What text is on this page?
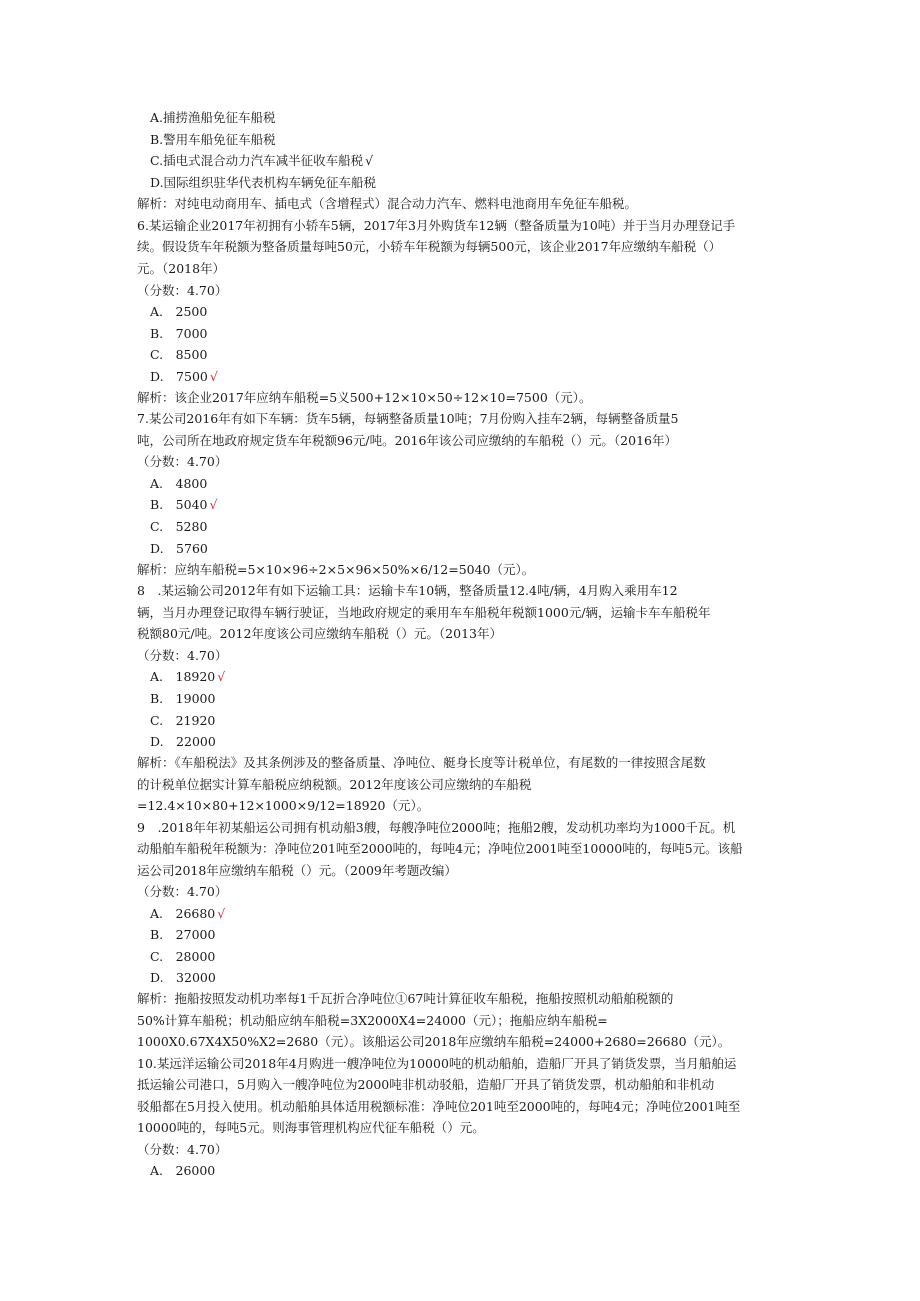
A.捕捞渔船免征车船税
B.警用车船免征车船税
C.插电式混合动力汽车减半征收车船税 √
D.国际组织驻华代表机构车辆免征车船税
解析：对纯电动商用车、插电式（含增程式）混合动力汽车、燃料电池商用车免征车船税。
6.某运输企业2017年初拥有小轿车5辆，2017年3月外购货车12辆（整备质量为10吨）并于当月办理登记手
续。假设货车年税额为整备质量每吨50元，小轿车年税额为每辆500元，该企业2017年应缴纳车船税（）
元。（2018年）
（分数：4.70）
A.　2500
B.　7000
C.　8500
D.　7500 √
解析：该企业2017年应纳车船税=5义500+12×10×50÷12×10=7500（元）。
7.某公司2016年有如下车辆：货车5辆，每辆整备质量10吨；7月份购入挂车2辆，每辆整备质量5
吨，公司所在地政府规定货车年税额96元/吨。2016年该公司应缴纳的车船税（）元。（2016年）
（分数：4.70）
A.　4800
B.　5040 √
C.　5280
D.　5760
解析：应纳车船税=5×10×96÷2×5×96×50%×6/12=5040（元）。
8　.某运输公司2012年有如下运输工具：运输卡车10辆，整备质量12.4吨/辆，4月购入乘用车12
辆，当月办理登记取得车辆行驶证，当地政府规定的乘用车车船税年税额1000元/辆，运输卡车车船税年
税额80元/吨。2012年度该公司应缴纳车船税（）元。（2013年）
（分数：4.70）
A.　18920 √
B.　19000
C.　21920
D.　22000
解析：《车船税法》及其条例涉及的整备质量、净吨位、艇身长度等计税单位，有尾数的一律按照含尾数
的计税单位据实计算车船税应纳税额。2012年度该公司应缴纳的车船税
=12.4×10×80+12×1000×9/12=18920（元）。
9　.2018年年初某船运公司拥有机动船3艘，每艘净吨位2000吨；拖船2艘，发动机功率均为1000千瓦。机
动船舶车船税年税额为：净吨位201吨至2000吨的，每吨4元；净吨位2001吨至10000吨的，每吨5元。该船
运公司2018年应缴纳车船税（）元。（2009年考题改编）
（分数：4.70）
A.　26680 √
B.　27000
C.　28000
D.　32000
解析：拖船按照发动机功率每1千瓦折合净吨位①67吨计算征收车船税，拖船按照机动船舶税额的
50%计算车船税；机动船应纳车船税=3X2000X4=24000（元）；拖船应纳车船税=
1000X0.67X4X50%X2=2680（元）。该船运公司2018年应缴纳车船税=24000+2680=26680（元）。
10.某远洋运输公司2018年4月购进一艘净吨位为10000吨的机动船舶，造船厂开具了销货发票，当月船舶运
抵运输公司港口，5月购入一艘净吨位为2000吨非机动驳船，造船厂开具了销货发票，机动船舶和非机动
驳船都在5月投入使用。机动船舶具体适用税额标准：净吨位201吨至2000吨的，每吨4元；净吨位2001吨至
10000吨的，每吨5元。则海事管理机构应代征车船税（）元。
（分数：4.70）
A.　26000
